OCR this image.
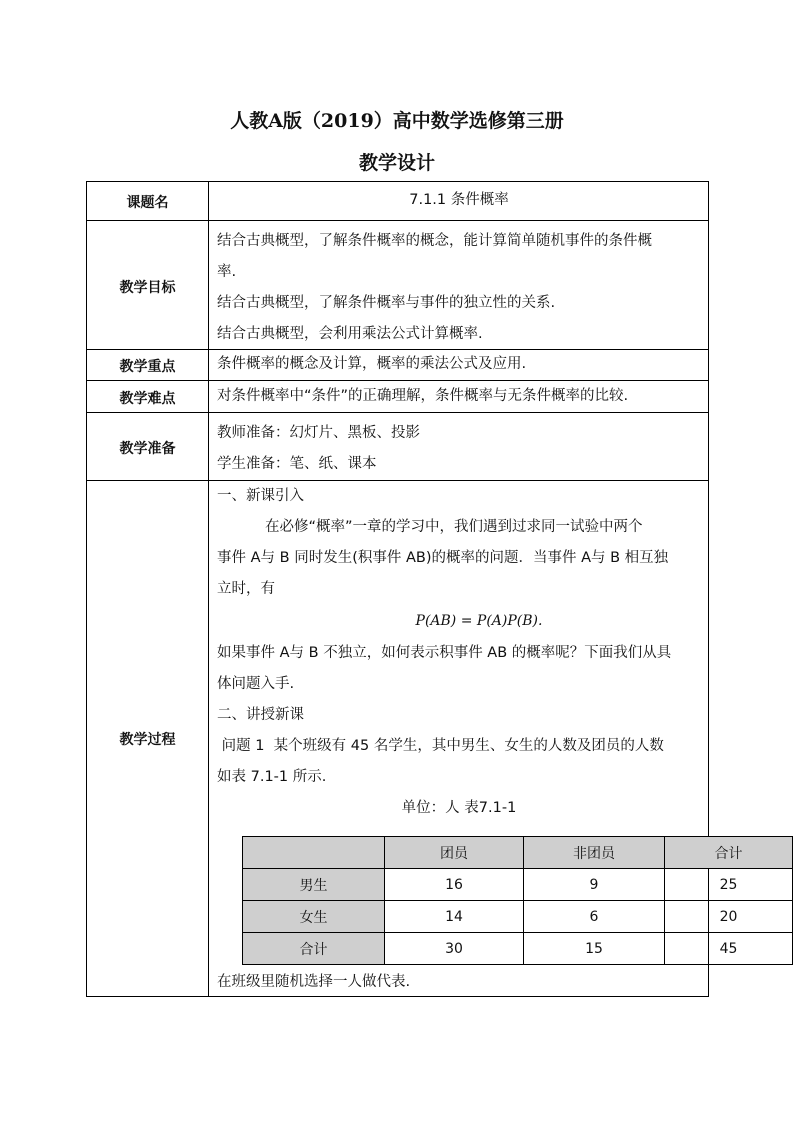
人教A版（2019）高中数学选修第三册
教学设计
课题名	7.1.1 条件概率
教学目标

结合古典概型，了解条件概率的概念，能计算简单随机事件的条件概

率.

结合古典概型，了解条件概率与事件的独立性的关系.

结合古典概型，会利用乘法公式计算概率.

教学重点	条件概率的概念及计算，概率的乘法公式及应用.
教学难点	对条件概率中“条件”的正确理解，条件概率与无条件概率的比较.
教学准备

教师准备：幻灯片、黑板、投影

学生准备：笔、纸、课本

教学过程

一、新课引入

在必修“概率”一章的学习中，我们遇到过求同一试验中两个

事件 A与 B 同时发生(积事件 AB)的概率的问题．当事件 A与 B 相互独

立时，有

P(AB) = P(A)P(B).

如果事件 A与 B 不独立，如何表示积事件 AB 的概率呢？下面我们从具

体问题入手.

二、讲授新课

问题 1  某个班级有 45 名学生，其中男生、女生的人数及团员的人数

如表 7.1-1 所示.

单位：人 表7.1-1

在班级里随机选择一人做代表.
	团员	非团员	合计
男生	16	9	25
女生	14	6	20
合计	30	15	45
